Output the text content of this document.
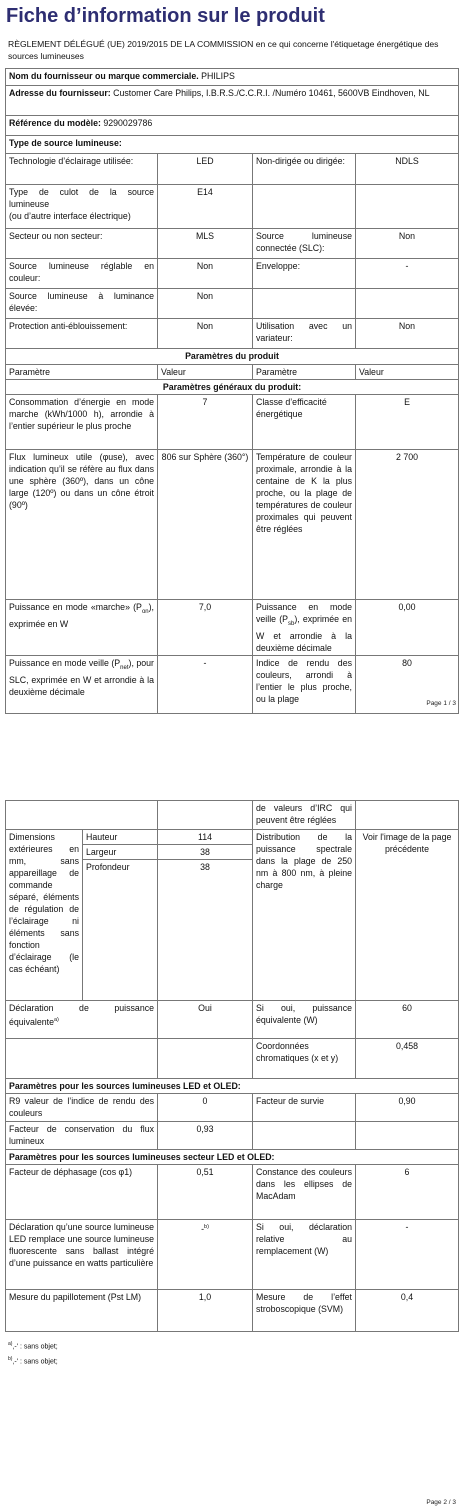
Fiche d’information sur le produit
RÈGLEMENT DÉLÉGUÉ (UE) 2019/2015 DE LA COMMISSION en ce qui concerne l'étiquetage énergétique des sources lumineuses
Nom du fournisseur ou marque commerciale. PHILIPS			
Adresse du fournisseur: Customer Care Philips, I.B.R.S./C.C.R.I. /Numéro 10461, 5600VB Eindhoven, NL			
Référence du modèle: 9290029786			
Type de source lumineuse:			
Technologie d’éclairage utilisée:	LED	Non-dirigée ou dirigée:	NDLS

Type de culot de la source lumineuse
(ou d’autre interface électrique)	E14		
Secteur ou non secteur:	MLS	Source lumineuse connectée (SLC):	Non
Source lumineuse réglable en couleur:	Non	Enveloppe:	-
Source lumineuse à luminance élevée:	Non		
Protection anti-éblouissement:	Non	Utilisation avec un variateur:	Non
Paramètres du produit			
Paramètre	Valeur	Paramètre	Valeur
Paramètres généraux du produit:			
Consommation d’énergie en mode marche (kWh/1000 h), arrondie à l’entier supérieur le plus proche	7	Classe d’efficacité énergétique	E
Flux lumineux utile (φuse), avec indication qu’il se réfère au flux dans une sphère (360º), dans un cône large (120º) ou dans un cône étroit (90º)	806 sur Sphère (360°)	Température de couleur proximale, arrondie à la centaine de K la plus proche, ou la plage de températures de couleur proximales qui peuvent être réglées	2 700
Puissance en mode «marche» $(P_{on})$, exprimée en W	7,0	Puissance en mode veille $(P_{sb})$, exprimée en W et arrondie à la deuxième décimale	0,00
Puissance en mode veille $(P_{net})$, pour SLC, exprimée en W et arrondie à la deuxième décimale	-	Indice de rendu des couleurs, arrondi à l’entier le plus proche, ou la plage	80
Page 1 / 3
			de valeurs d’IRC qui peuvent être réglées	
Dimensions extérieures en mm, sans appareillage de commande séparé, éléments de régulation de l’éclairage ni éléments sans fonction d’éclairage (le cas échéant)	Hauteur	114	Distribution de la puissance spectrale dans la plage de 250 nm à 800 nm, à pleine charge	Voir l'image de la page précédente
	Largeur	38		
	Profondeur	38		
Déclaration de puissance équivalente$^{a)}$		Oui	Si oui, puissance équivalente (W)	60
			Coordonnées chromatiques (x et y)	0,458
Paramètres pour les sources lumineuses LED et OLED:				
R9 valeur de l’indice de rendu des couleurs		0	Facteur de survie	0,90
Facteur de conservation du flux lumineux		0,93		
Paramètres pour les sources lumineuses secteur LED et OLED:				
Facteur de déphasage (cos φ1)		0,51	Constance des couleurs dans les ellipses de MacAdam	6
Déclaration qu’une source lumineuse LED remplace une source lumineuse fluorescente sans ballast intégré d’une puissance en watts particulière		-$^{b)}$	Si oui, déclaration relative au remplacement (W)	-
Mesure du papillotement (Pst LM)		1,0	Mesure de l’effet stroboscopique (SVM)	0,4
$^{a)}$,-' : sans objet;
$^{b)}$,-' : sans objet;
Page 2 / 3
